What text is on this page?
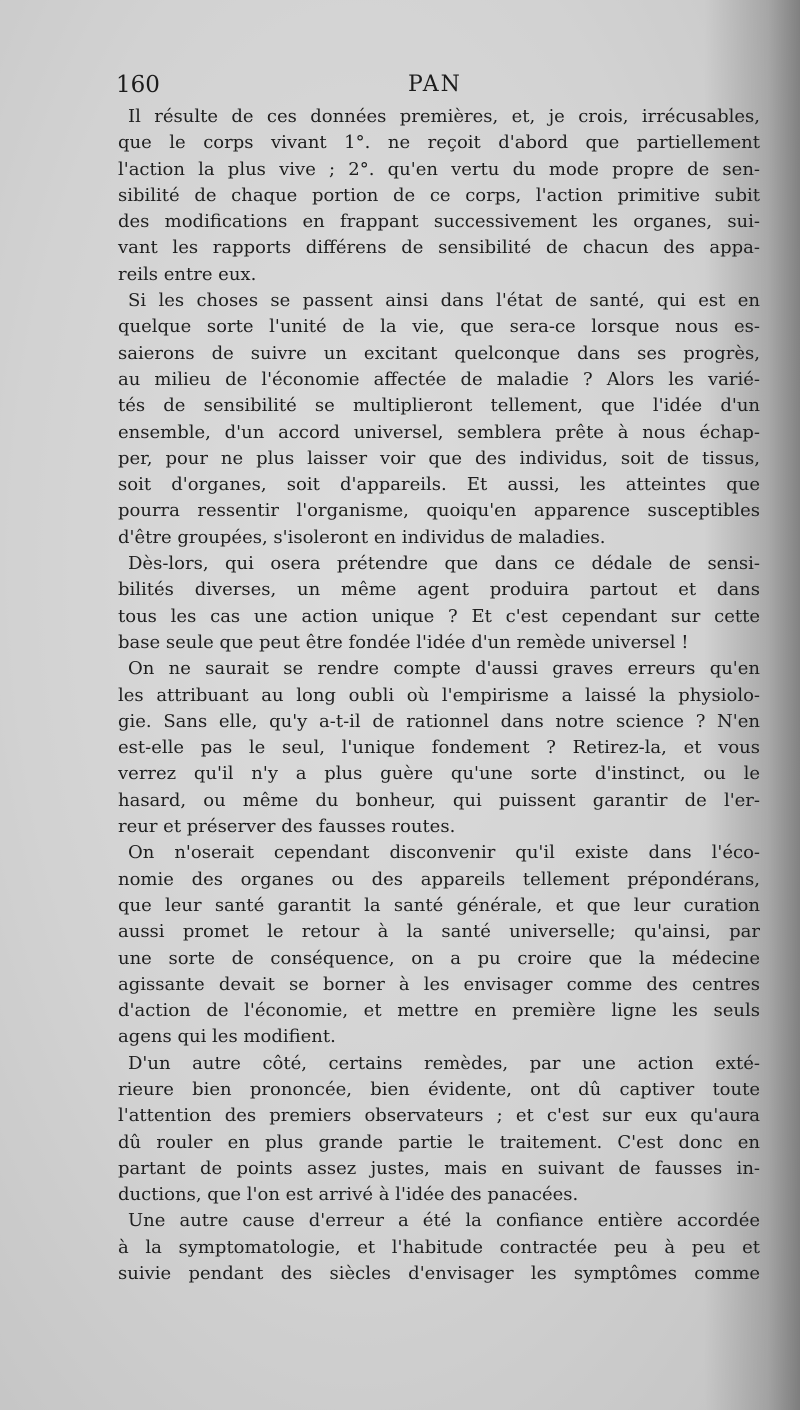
160	PAN
Il résulte de ces données premières, et, je crois, irrécusables,
que le corps vivant 1°. ne reçoit d'abord que partiellement
l'action la plus vive ; 2°. qu'en vertu du mode propre de sen-
sibilité de chaque portion de ce corps, l'action primitive subit
des modifications en frappant successivement les organes, sui-
vant les rapports différens de sensibilité de chacun des appa-
reils entre eux.
Si les choses se passent ainsi dans l'état de santé, qui est en
quelque sorte l'unité de la vie, que sera-ce lorsque nous es-
saierons de suivre un excitant quelconque dans ses progrès,
au milieu de l'économie affectée de maladie ? Alors les varié-
tés de sensibilité se multiplieront tellement, que l'idée d'un
ensemble, d'un accord universel, semblera prête à nous échap-
per, pour ne plus laisser voir que des individus, soit de tissus,
soit d'organes, soit d'appareils. Et aussi, les atteintes que
pourra ressentir l'organisme, quoiqu'en apparence susceptibles
d'être groupées, s'isoleront en individus de maladies.
Dès-lors, qui osera prétendre que dans ce dédale de sensi-
bilités diverses, un même agent produira partout et dans
tous les cas une action unique ? Et c'est cependant sur cette
base seule que peut être fondée l'idée d'un remède universel !
On ne saurait se rendre compte d'aussi graves erreurs qu'en
les attribuant au long oubli où l'empirisme a laissé la physiolo-
gie. Sans elle, qu'y a-t-il de rationnel dans notre science ? N'en
est-elle pas le seul, l'unique fondement ? Retirez-la, et vous
verrez qu'il n'y a plus guère qu'une sorte d'instinct, ou le
hasard, ou même du bonheur, qui puissent garantir de l'er-
reur et préserver des fausses routes.
On n'oserait cependant disconvenir qu'il existe dans l'éco-
nomie des organes ou des appareils tellement prépondérans,
que leur santé garantit la santé générale, et que leur curation
aussi promet le retour à la santé universelle; qu'ainsi, par
une sorte de conséquence, on a pu croire que la médecine
agissante devait se borner à les envisager comme des centres
d'action de l'économie, et mettre en première ligne les seuls
agens qui les modifient.
D'un autre côté, certains remèdes, par une action exté-
rieure bien prononcée, bien évidente, ont dû captiver toute
l'attention des premiers observateurs ; et c'est sur eux qu'aura
dû rouler en plus grande partie le traitement. C'est donc en
partant de points assez justes, mais en suivant de fausses in-
ductions, que l'on est arrivé à l'idée des panacées.
Une autre cause d'erreur a été la confiance entière accordée
à la symptomatologie, et l'habitude contractée peu à peu et
suivie pendant des siècles d'envisager les symptômes comme
